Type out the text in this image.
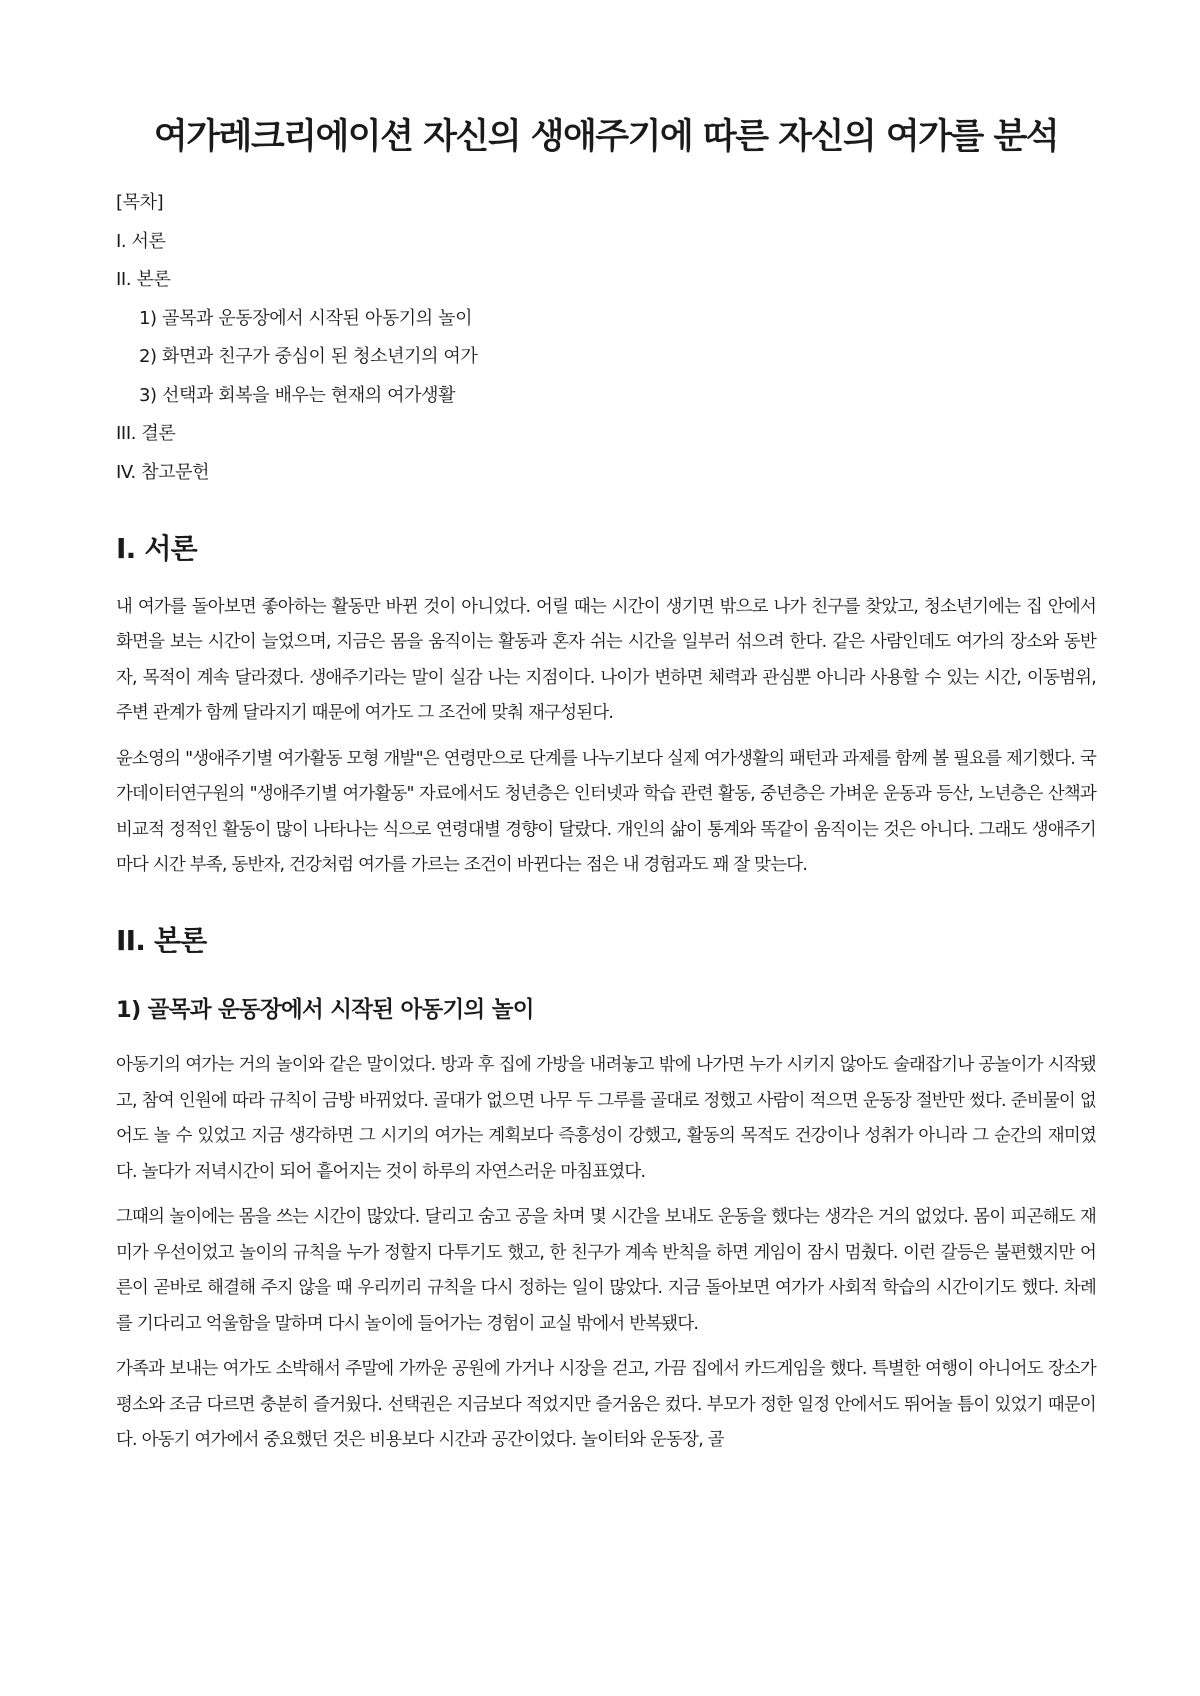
여가레크리에이션 자신의 생애주기에 따른 자신의 여가를 분석

[목차]

I. 서론

II. 본론

1) 골목과 운동장에서 시작된 아동기의 놀이

2) 화면과 친구가 중심이 된 청소년기의 여가

3) 선택과 회복을 배우는 현재의 여가생활

III. 결론

IV. 참고문헌

I. 서론

내 여가를 돌아보면 좋아하는 활동만 바뀐 것이 아니었다. 어릴 때는 시간이 생기면 밖으로 나가 친구를 찾았고, 청소년기에는 집 안에서 화면을 보는 시간이 늘었으며, 지금은 몸을 움직이는 활동과 혼자 쉬는 시간을 일부러 섞으려 한다. 같은 사람인데도 여가의 장소와 동반자, 목적이 계속 달라졌다. 생애주기라는 말이 실감 나는 지점이다. 나이가 변하면 체력과 관심뿐 아니라 사용할 수 있는 시간, 이동범위, 주변 관계가 함께 달라지기 때문에 여가도 그 조건에 맞춰 재구성된다.

윤소영의 "생애주기별 여가활동 모형 개발"은 연령만으로 단계를 나누기보다 실제 여가생활의 패턴과 과제를 함께 볼 필요를 제기했다. 국가데이터연구원의 "생애주기별 여가활동" 자료에서도 청년층은 인터넷과 학습 관련 활동, 중년층은 가벼운 운동과 등산, 노년층은 산책과 비교적 정적인 활동이 많이 나타나는 식으로 연령대별 경향이 달랐다. 개인의 삶이 통계와 똑같이 움직이는 것은 아니다. 그래도 생애주기마다 시간 부족, 동반자, 건강처럼 여가를 가르는 조건이 바뀐다는 점은 내 경험과도 꽤 잘 맞는다.

II. 본론
1) 골목과 운동장에서 시작된 아동기의 놀이

아동기의 여가는 거의 놀이와 같은 말이었다. 방과 후 집에 가방을 내려놓고 밖에 나가면 누가 시키지 않아도 술래잡기나 공놀이가 시작됐고, 참여 인원에 따라 규칙이 금방 바뀌었다. 골대가 없으면 나무 두 그루를 골대로 정했고 사람이 적으면 운동장 절반만 썼다. 준비물이 없어도 놀 수 있었고 지금 생각하면 그 시기의 여가는 계획보다 즉흥성이 강했고, 활동의 목적도 건강이나 성취가 아니라 그 순간의 재미였다. 놀다가 저녁시간이 되어 흩어지는 것이 하루의 자연스러운 마침표였다.

그때의 놀이에는 몸을 쓰는 시간이 많았다. 달리고 숨고 공을 차며 몇 시간을 보내도 운동을 했다는 생각은 거의 없었다. 몸이 피곤해도 재미가 우선이었고 놀이의 규칙을 누가 정할지 다투기도 했고, 한 친구가 계속 반칙을 하면 게임이 잠시 멈췄다. 이런 갈등은 불편했지만 어른이 곧바로 해결해 주지 않을 때 우리끼리 규칙을 다시 정하는 일이 많았다. 지금 돌아보면 여가가 사회적 학습의 시간이기도 했다. 차례를 기다리고 억울함을 말하며 다시 놀이에 들어가는 경험이 교실 밖에서 반복됐다.

가족과 보내는 여가도 소박해서 주말에 가까운 공원에 가거나 시장을 걷고, 가끔 집에서 카드게임을 했다. 특별한 여행이 아니어도 장소가 평소와 조금 다르면 충분히 즐거웠다. 선택권은 지금보다 적었지만 즐거움은 컸다. 부모가 정한 일정 안에서도 뛰어놀 틈이 있었기 때문이다. 아동기 여가에서 중요했던 것은 비용보다 시간과 공간이었다. 놀이터와 운동장, 골
